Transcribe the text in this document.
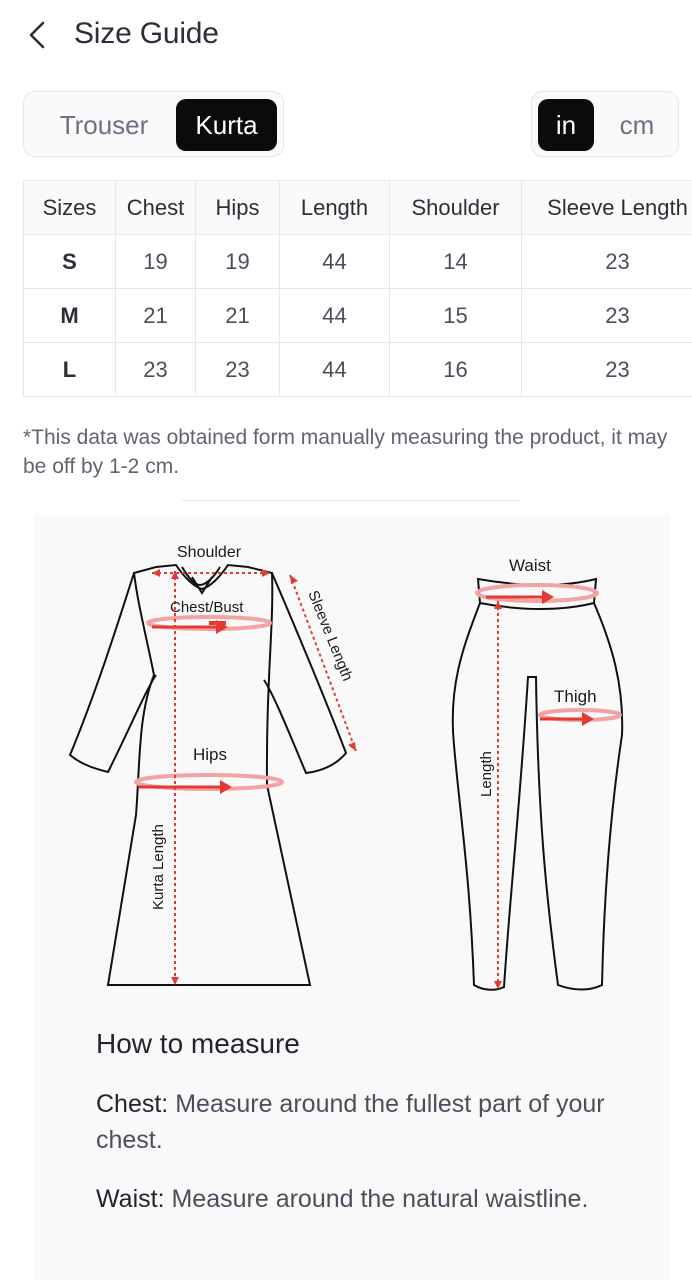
Size Guide
Trouser	Kurta	in	cm
Sizes	Chest	Hips	Length	Shoulder	Sleeve Length
S	19	19	44	14	23
M	21	21	44	15	23
L	23	23	44	16	23
*This data was obtained form manually measuring the product, it may be off by 1-2 cm.
Shoulder
Chest/Bust	Sleeve Length
Hips
Kurta Length
Waist
Thigh
Length
How to measure
Chest: Measure around the fullest part of your chest.
Waist: Measure around the natural waistline.
